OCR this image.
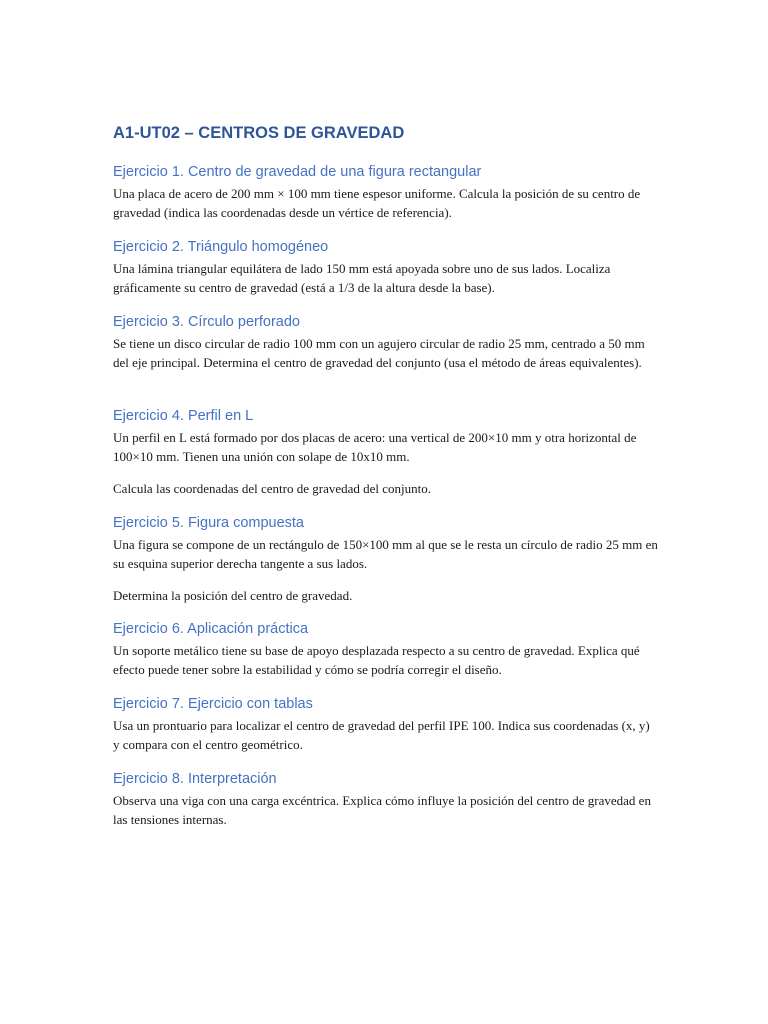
A1-UT02 – CENTROS DE GRAVEDAD
Ejercicio 1. Centro de gravedad de una figura rectangular

Una placa de acero de 200 mm × 100 mm tiene espesor uniforme. Calcula la posición de su centro de gravedad (indica las coordenadas desde un vértice de referencia).

Ejercicio 2. Triángulo homogéneo

Una lámina triangular equilátera de lado 150 mm está apoyada sobre uno de sus lados. Localiza gráficamente su centro de gravedad (está a 1/3 de la altura desde la base).

Ejercicio 3. Círculo perforado

Se tiene un disco circular de radio 100 mm con un agujero circular de radio 25 mm, centrado a 50 mm del eje principal. Determina el centro de gravedad del conjunto (usa el método de áreas equivalentes).

Ejercicio 4. Perfil en L

Un perfil en L está formado por dos placas de acero: una vertical de 200×10 mm y otra horizontal de 100×10 mm. Tienen una unión con solape de 10x10 mm.

Calcula las coordenadas del centro de gravedad del conjunto.

Ejercicio 5. Figura compuesta

Una figura se compone de un rectángulo de 150×100 mm al que se le resta un círculo de radio 25 mm en su esquina superior derecha tangente a sus lados.

Determina la posición del centro de gravedad.

Ejercicio 6. Aplicación práctica

Un soporte metálico tiene su base de apoyo desplazada respecto a su centro de gravedad. Explica qué efecto puede tener sobre la estabilidad y cómo se podría corregir el diseño.

Ejercicio 7. Ejercicio con tablas

Usa un prontuario para localizar el centro de gravedad del perfil IPE 100. Indica sus coordenadas (x, y) y compara con el centro geométrico.

Ejercicio 8. Interpretación

Observa una viga con una carga excéntrica. Explica cómo influye la posición del centro de gravedad en las tensiones internas.
